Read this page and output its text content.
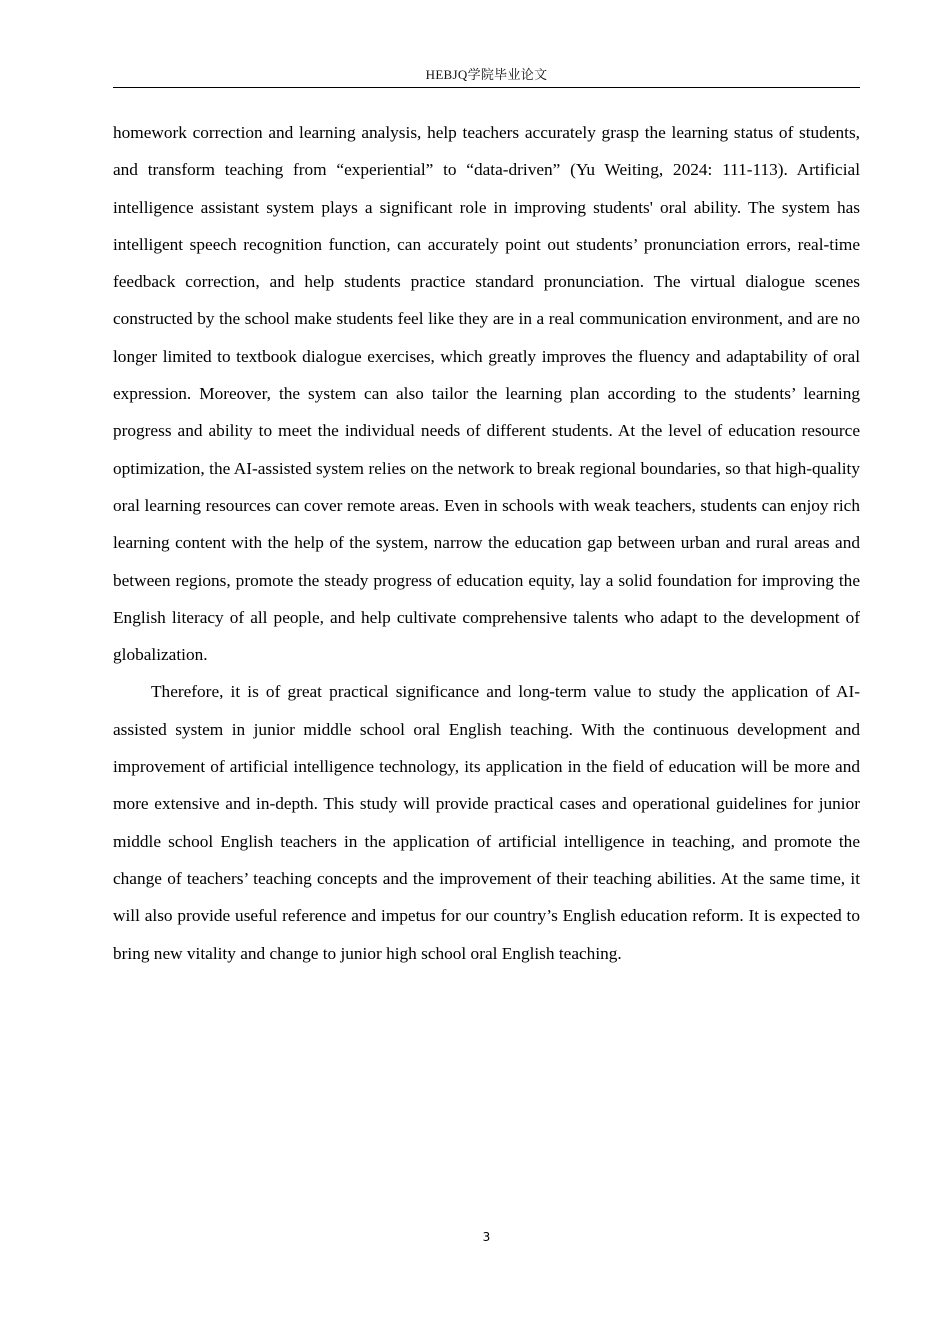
HEBJQ学院毕业论文

homework correction and learning analysis, help teachers accurately grasp the learning status of students, and transform teaching from “experiential” to “data-driven” (Yu Weiting, 2024: 111-113). Artificial intelligence assistant system plays a significant role in improving students' oral ability. The system has intelligent speech recognition function, can accurately point out students’ pronunciation errors, real-time feedback correction, and help students practice standard pronunciation. The virtual dialogue scenes constructed by the school make students feel like they are in a real communication environment, and are no longer limited to textbook dialogue exercises, which greatly improves the fluency and adaptability of oral expression. Moreover, the system can also tailor the learning plan according to the students’ learning progress and ability to meet the individual needs of different students. At the level of education resource optimization, the AI-assisted system relies on the network to break regional boundaries, so that high-quality oral learning resources can cover remote areas. Even in schools with weak teachers, students can enjoy rich learning content with the help of the system, narrow the education gap between urban and rural areas and between regions, promote the steady progress of education equity, lay a solid foundation for improving the English literacy of all people, and help cultivate comprehensive talents who adapt to the development of globalization.

Therefore, it is of great practical significance and long-term value to study the application of AI-assisted system in junior middle school oral English teaching. With the continuous development and improvement of artificial intelligence technology, its application in the field of education will be more and more extensive and in-depth. This study will provide practical cases and operational guidelines for junior middle school English teachers in the application of artificial intelligence in teaching, and promote the change of teachers’ teaching concepts and the improvement of their teaching abilities. At the same time, it will also provide useful reference and impetus for our country’s English education reform. It is expected to bring new vitality and change to junior high school oral English teaching.

3
